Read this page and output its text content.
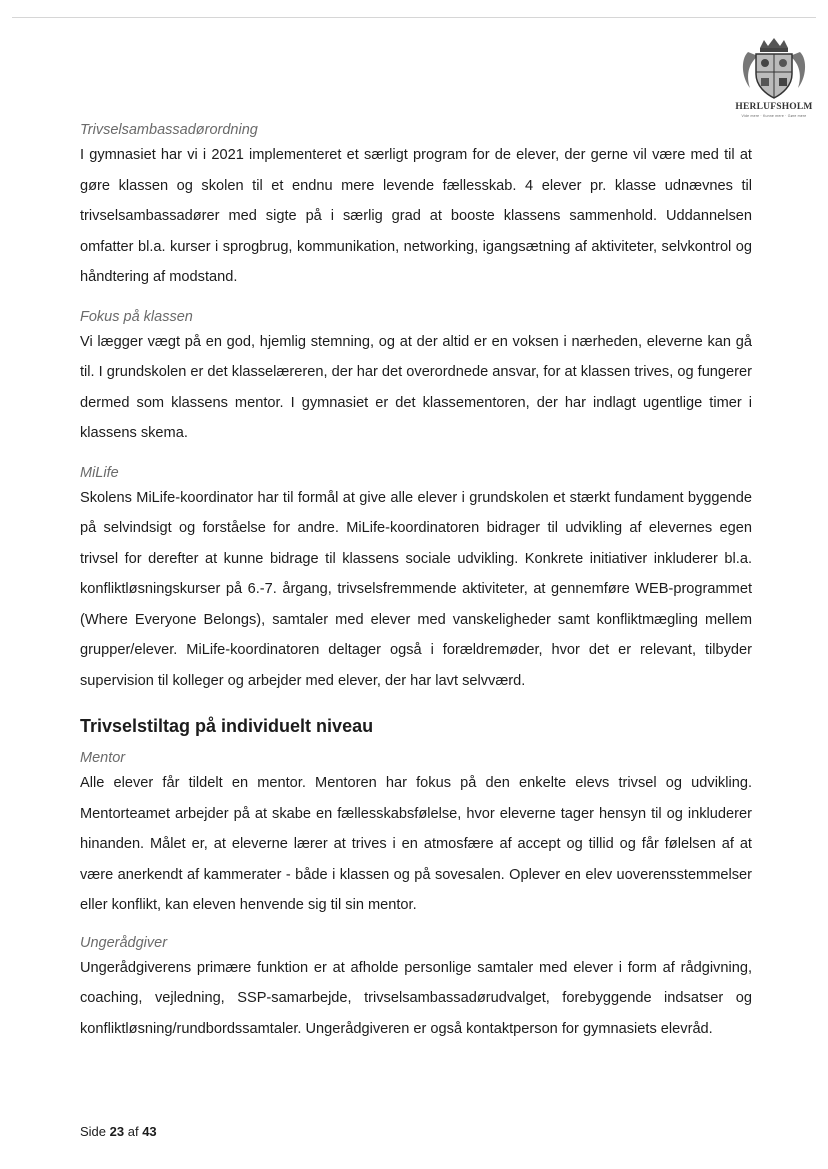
HERLUFSHOLM
Vide mere · Kunne mere · Gøre mere

Trivselsambassadørordning

I gymnasiet har vi i 2021 implementeret et særligt program for de elever, der gerne vil være med til at gøre klassen og skolen til et endnu mere levende fællesskab. 4 elever pr. klasse udnævnes til trivselsambassadører med sigte på i særlig grad at booste klassens sammenhold. Uddannelsen omfatter bl.a. kurser i sprogbrug, kommunikation, networking, igangsætning af aktiviteter, selvkontrol og håndtering af modstand.

Fokus på klassen

Vi lægger vægt på en god, hjemlig stemning, og at der altid er en voksen i nærheden, eleverne kan gå til. I grundskolen er det klasselæreren, der har det overordnede ansvar, for at klassen trives, og fungerer dermed som klassens mentor. I gymnasiet er det klassementoren, der har indlagt ugentlige timer i klassens skema.

MiLife

Skolens MiLife-koordinator har til formål at give alle elever i grundskolen et stærkt fundament byggende på selvindsigt og forståelse for andre. MiLife-koordinatoren bidrager til udvikling af elevernes egen trivsel for derefter at kunne bidrage til klassens sociale udvikling. Konkrete initiativer inkluderer bl.a. konfliktløsningskurser på 6.-7. årgang, trivselsfremmende aktiviteter, at gennemføre WEB-programmet (Where Everyone Belongs), samtaler med elever med vanskeligheder samt konfliktmægling mellem grupper/elever. MiLife-koordinatoren deltager også i forældremøder, hvor det er relevant, tilbyder supervision til kolleger og arbejder med elever, der har lavt selvværd.

Trivselstiltag på individuelt niveau

Mentor

Alle elever får tildelt en mentor. Mentoren har fokus på den enkelte elevs trivsel og udvikling. Mentorteamet arbejder på at skabe en fællesskabsfølelse, hvor eleverne tager hensyn til og inkluderer hinanden. Målet er, at eleverne lærer at trives i en atmosfære af accept og tillid og får følelsen af at være anerkendt af kammerater - både i klassen og på sovesalen. Oplever en elev uoverensstemmelser eller konflikt, kan eleven henvende sig til sin mentor.

Ungerådgiver

Ungerådgiverens primære funktion er at afholde personlige samtaler med elever i form af rådgivning, coaching, vejledning, SSP-samarbejde, trivselsambassadørudvalget, forebyggende indsatser og konfliktløsning/rundbordssamtaler. Ungerådgiveren er også kontaktperson for gymnasiets elevråd.

Side 23 af 43
